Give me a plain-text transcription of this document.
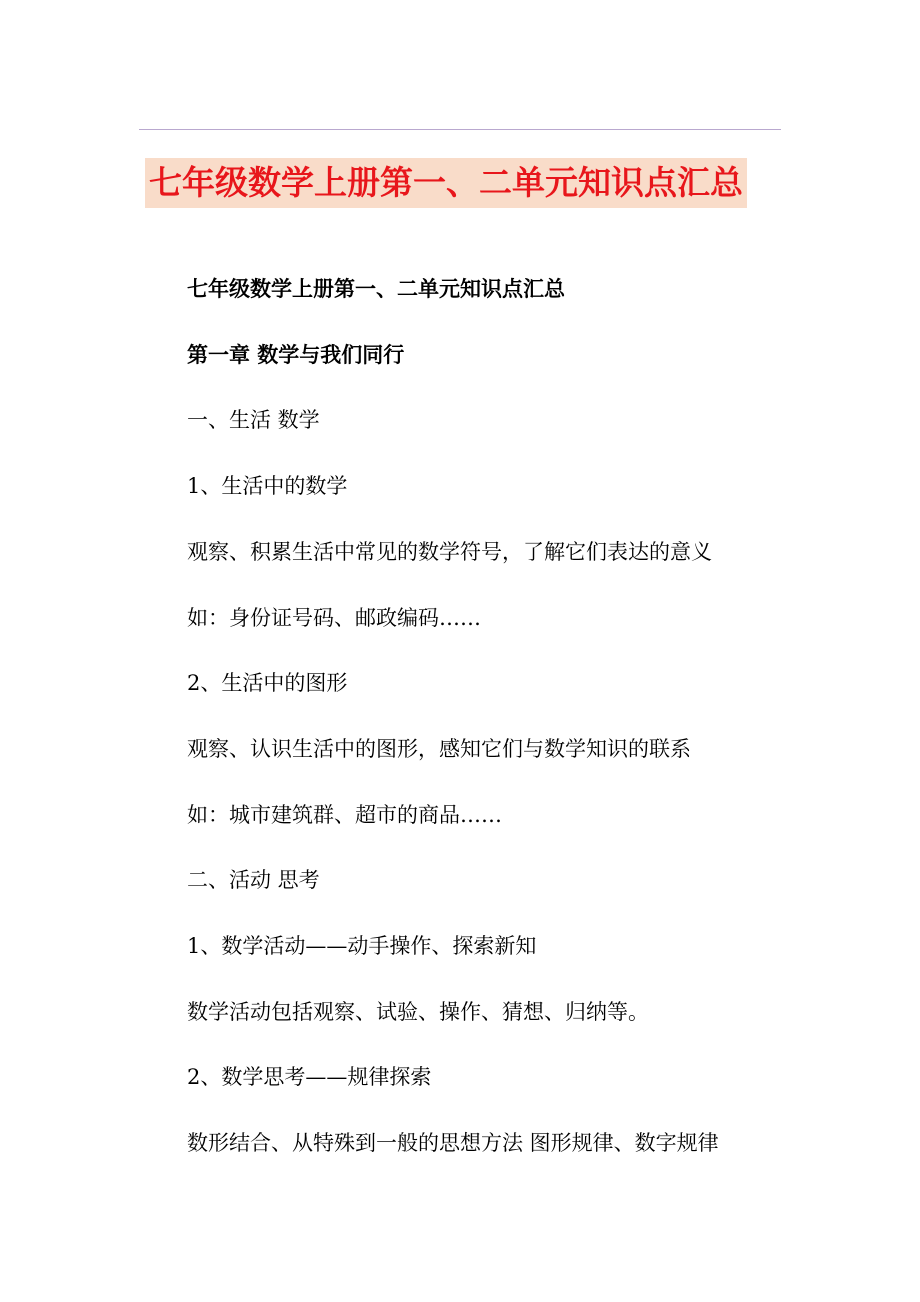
七年级数学上册第一、二单元知识点汇总

七年级数学上册第一、二单元知识点汇总

第一章 数学与我们同行

一、生活 数学

1、生活中的数学

观察、积累生活中常见的数学符号，了解它们表达的意义

如：身份证号码、邮政编码……

2、生活中的图形

观察、认识生活中的图形，感知它们与数学知识的联系

如：城市建筑群、超市的商品……

二、活动 思考

1、数学活动——动手操作、探索新知

数学活动包括观察、试验、操作、猜想、归纳等。

2、数学思考——规律探索

数形结合、从特殊到一般的思想方法 图形规律、数字规律
